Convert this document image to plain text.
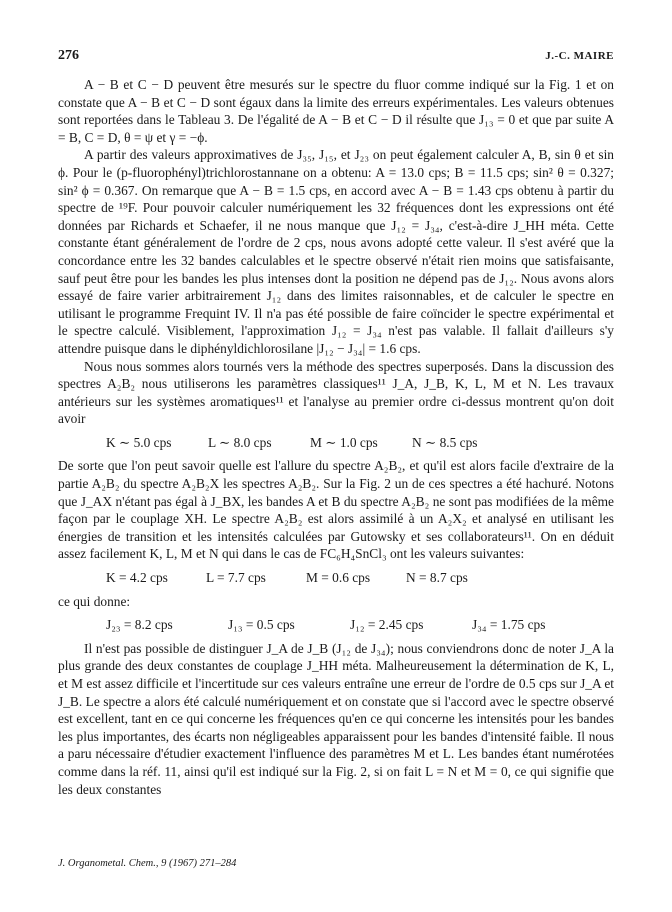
276	J.-C. MAIRE

A − B et C − D peuvent être mesurés sur le spectre du fluor comme indiqué sur la Fig. 1 et on constate que A − B et C − D sont égaux dans la limite des erreurs expérimentales. Les valeurs obtenues sont reportées dans le Tableau 3. De l'égalité de A − B et C − D il résulte que J₁₃ = 0 et que par suite A = B, C = D, θ = ψ et γ = −ϕ.

A partir des valeurs approximatives de J₃₅, J₁₅, et J₂₃ on peut également calculer A, B, sin θ et sin ϕ. Pour le (p-fluorophényl)trichlorostannane on a obtenu: A = 13.0 cps; B = 11.5 cps; sin² θ = 0.327; sin² ϕ = 0.367. On remarque que A − B = 1.5 cps, en accord avec A − B = 1.43 cps obtenu à partir du spectre de ¹⁹F. Pour pouvoir calculer numériquement les 32 fréquences dont les expressions ont été données par Richards et Schaefer, il ne nous manque que J₁₂ = J₃₄, c'est-à-dire J_HH méta. Cette constante étant généralement de l'ordre de 2 cps, nous avons adopté cette valeur. Il s'est avéré que la concordance entre les 32 bandes calculables et le spectre observé n'était rien moins que satisfaisante, sauf peut être pour les bandes les plus intenses dont la position ne dépend pas de J₁₂. Nous avons alors essayé de faire varier arbitrairement J₁₂ dans des limites raisonnables, et de calculer le spectre en utilisant le programme Frequint IV. Il n'a pas été possible de faire coïncider le spectre expérimental et le spectre calculé. Visiblement, l'approximation J₁₂ = J₃₄ n'est pas valable. Il fallait d'ailleurs s'y attendre puisque dans le diphényldichlorosilane |J₁₂ − J₃₄| = 1.6 cps.

Nous nous sommes alors tournés vers la méthode des spectres superposés. Dans la discussion des spectres A₂B₂ nous utiliserons les paramètres classiques¹¹ J_A, J_B, K, L, M et N. Les travaux antérieurs sur les systèmes aromatiques¹¹ et l'analyse au premier ordre ci-dessus montrent qu'on doit avoir

K ∼ 5.0 cps	L ∼ 8.0 cps	M ∼ 1.0 cps	N ∼ 8.5 cps

De sorte que l'on peut savoir quelle est l'allure du spectre A₂B₂, et qu'il est alors facile d'extraire de la partie A₂B₂ du spectre A₂B₂X les spectres A₂B₂. Sur la Fig. 2 un de ces spectres a été hachuré. Notons que J_AX n'étant pas égal à J_BX, les bandes A et B du spectre A₂B₂ ne sont pas modifiées de la même façon par le couplage XH. Le spectre A₂B₂ est alors assimilé à un A₂X₂ et analysé en utilisant les énergies de transition et les intensités calculées par Gutowsky et ses collaborateurs¹¹. On en déduit assez facilement K, L, M et N qui dans le cas de FC₆H₄SnCl₃ ont les valeurs suivantes:

K = 4.2 cps	L = 7.7 cps	M = 0.6 cps	N = 8.7 cps

ce qui donne:

J₂₃ = 8.2 cps	J₁₃ = 0.5 cps	J₁₂ = 2.45 cps	J₃₄ = 1.75 cps

Il n'est pas possible de distinguer J_A de J_B (J₁₂ de J₃₄); nous conviendrons donc de noter J_A la plus grande des deux constantes de couplage J_HH méta. Malheureusement la détermination de K, L, et M est assez difficile et l'incertitude sur ces valeurs entraîne une erreur de l'ordre de 0.5 cps sur J_A et J_B. Le spectre a alors été calculé numériquement et on constate que si l'accord avec le spectre observé est excellent, tant en ce qui concerne les fréquences qu'en ce qui concerne les intensités pour les bandes les plus importantes, des écarts non négligeables apparaissent pour les bandes d'intensité faible. Il nous a paru nécessaire d'étudier exactement l'influence des paramètres M et L. Les bandes étant numérotées comme dans la réf. 11, ainsi qu'il est indiqué sur la Fig. 2, si on fait L = N et M = 0, ce qui signifie que les deux constantes

J. Organometal. Chem., 9 (1967) 271–284
